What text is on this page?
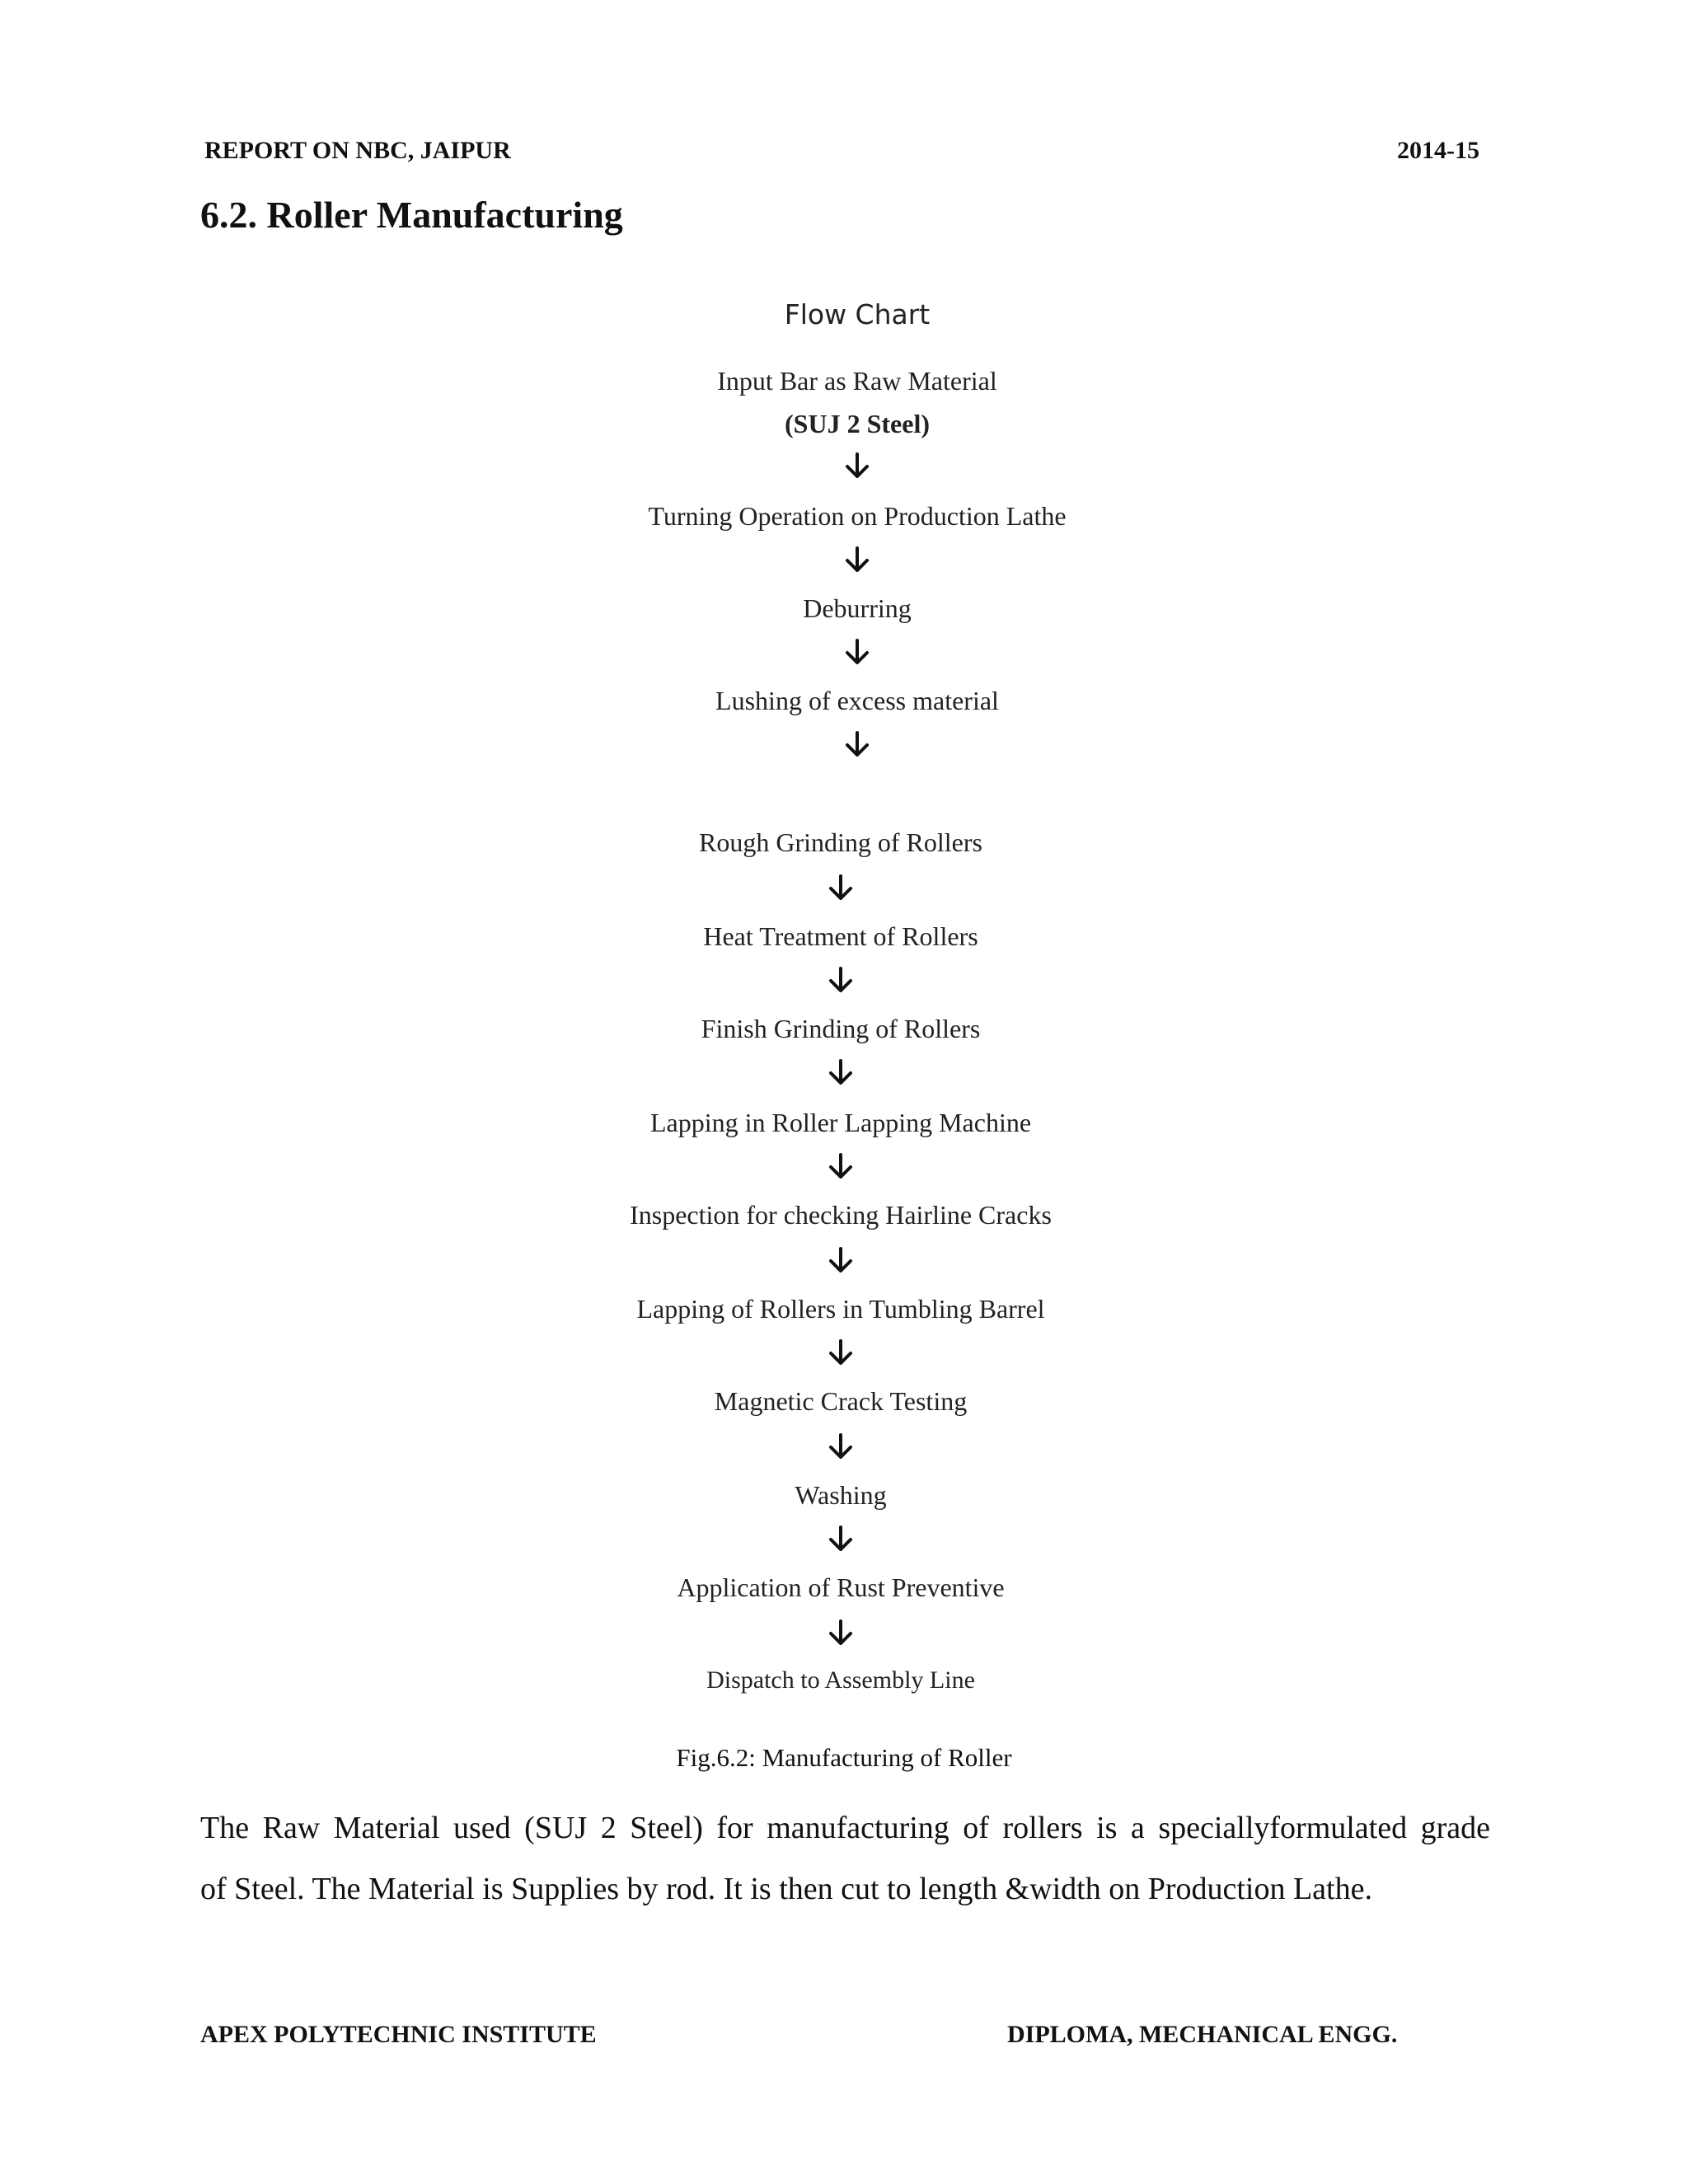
REPORT ON NBC, JAIPUR	2014-15
6.2. Roller Manufacturing
Flow Chart
Input Bar as Raw Material
(SUJ 2 Steel)
Turning Operation on Production Lathe
Deburring
Lushing of excess material
Rough Grinding of Rollers
Heat Treatment of Rollers
Finish Grinding of Rollers
Lapping in Roller Lapping Machine
Inspection for checking Hairline Cracks
Lapping of Rollers in Tumbling Barrel
Magnetic Crack Testing
Washing
Application of Rust Preventive
Dispatch to Assembly Line
Fig.6.2: Manufacturing of Roller
The Raw Material used (SUJ 2 Steel) for manufacturing of rollers is a speciallyformulated grade
of Steel. The Material is Supplies by rod. It is then cut to length &width on Production Lathe.
APEX POLYTECHNIC INSTITUTE	DIPLOMA, MECHANICAL ENGG.
